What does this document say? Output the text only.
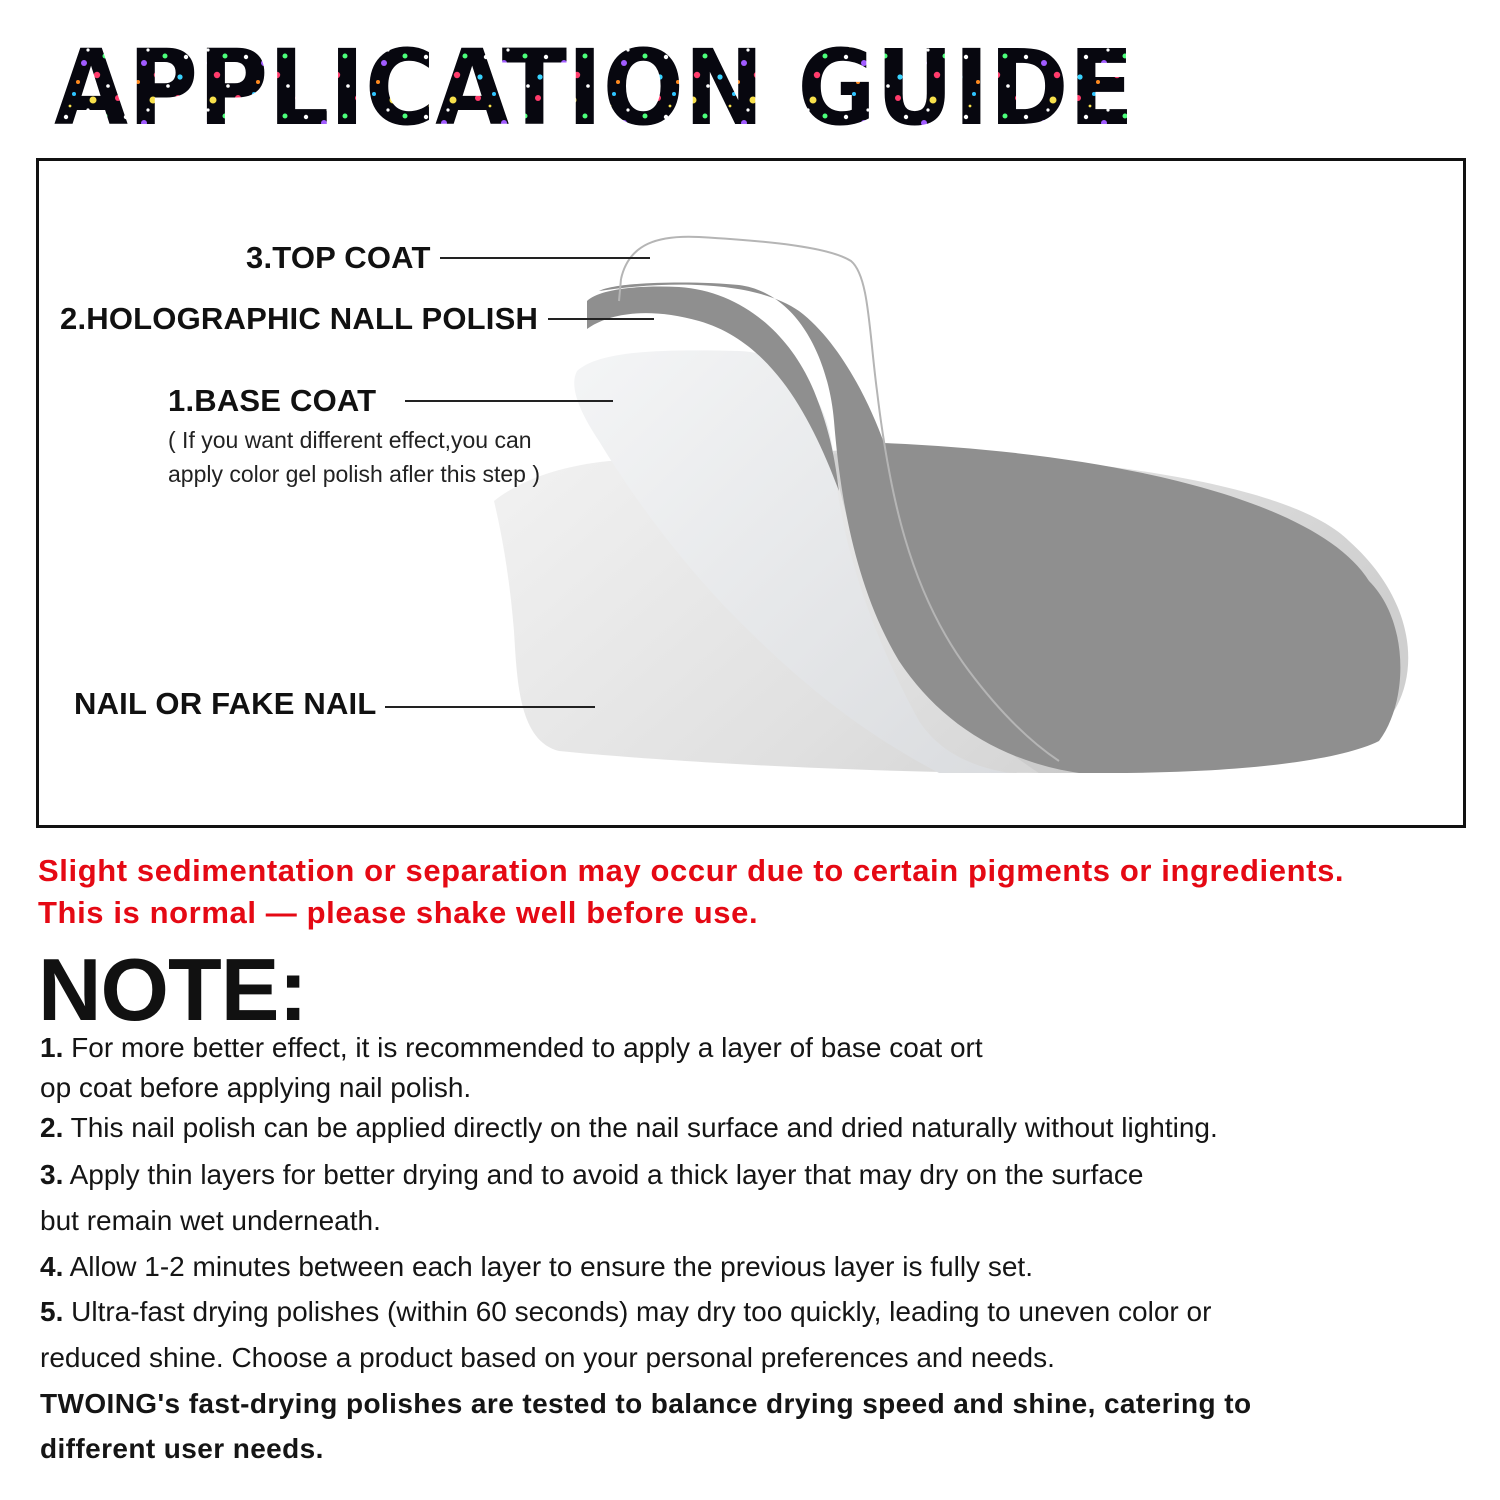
APPLICATION GUIDE
3.TOP COAT
2.HOLOGRAPHIC NALL POLISH
1.BASE COAT
( If you want different effect,you can
apply color gel polish afler this step )
NAIL OR FAKE NAIL
Slight sedimentation or separation may occur due to certain pigments or ingredients.
This is normal — please shake well before use.
NOTE:
1. For more better effect, it is recommended to apply a layer of base coat ort
op coat before applying nail polish.
2. This nail polish can be applied directly on the nail surface and dried naturally without lighting.
3. Apply thin layers for better drying and to avoid a thick layer that may dry on the surface
but remain wet underneath.
4. Allow 1-2 minutes between each layer to ensure the previous layer is fully set.
5. Ultra-fast drying polishes (within 60 seconds) may dry too quickly, leading to uneven color or
reduced shine. Choose a product based on your personal preferences and needs.
TWOING's fast-drying polishes are tested to balance drying speed and shine, catering to
different user needs.
